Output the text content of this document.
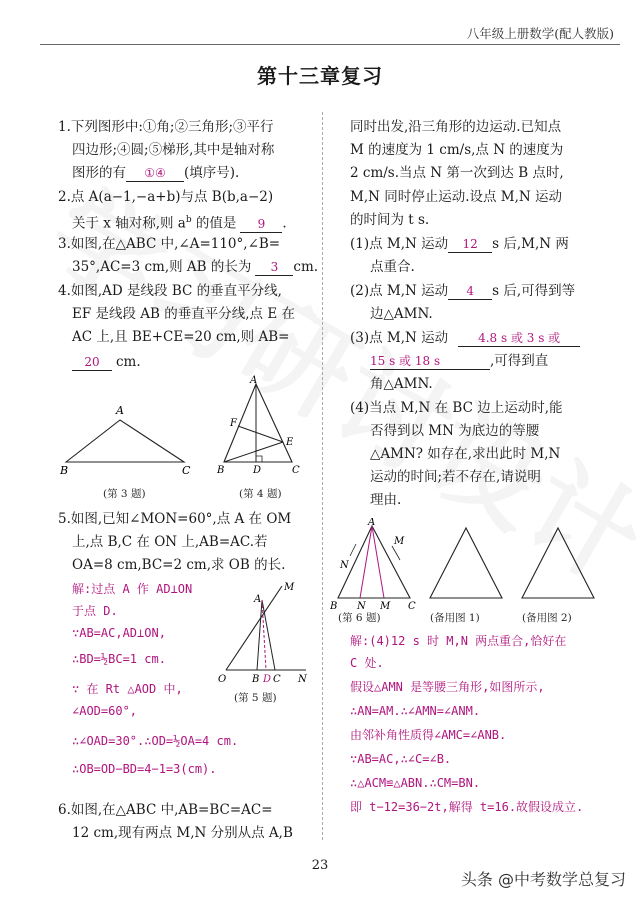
八年级上册数学(配人教版)
第十三章复习
1.下列图形中:①角;②三角形;③平行
四边形;④圆;⑤梯形,其中是轴对称
图形的有 ①④ (填序号).
2.点 A(a−1,−a+b)与点 B(b,a−2)
关于 x 轴对称,则 $a^b$ 的值是 9 .
3.如图,在△ABC 中,∠A=110°,∠B=
35°,AC=3 cm,则 AB 的长为 3 cm.
4.如图,AD 是线段 BC 的垂直平分线,
EF 是线段 AB 的垂直平分线,点 E 在
AC 上,且 BE+CE=20 cm,则 AB=
20 cm.
A
B	C
(第 3 题)
A
F
E
B	D	C
(第 4 题)
5.如图,已知∠MON=60°,点 A 在 OM
上,点 B,C 在 ON 上,AB=AC.若
OA=8 cm,BC=2 cm,求 OB 的长.
解:过点 A 作 AD⊥ON
于点 D.
∵AB=AC,AD⊥ON,
∴BD=½BC=1 cm.
∵ 在 Rt △AOD 中,
∠AOD=60°,
∴∠OAD=30°.∴OD=½OA=4 cm.
∴OB=OD−BD=4−1=3(cm).
M
A
O	B D C N
(第 5 题)
6.如图,在△ABC 中,AB=BC=AC=
12 cm,现有两点 M,N 分别从点 A,B
同时出发,沿三角形的边运动.已知点
M 的速度为 1 cm/s,点 N 的速度为
2 cm/s.当点 N 第一次到达 B 点时,
M,N 同时停止运动.设点 M,N 运动
的时间为 t s.
(1)点 M,N 运动 12 s 后,M,N 两
点重合.
(2)点 M,N 运动 4 s 后,可得到等
边△AMN.
(3)点 M,N 运动 4.8 s 或 3 s 或
15 s 或 18 s	,可得到直
角△AMN.
(4)当点 M,N 在 BC 边上运动时,能
否得到以 MN 为底边的等腰
△AMN? 如存在,求出此时 M,N
运动的时间;若不存在,请说明
理由.
A
N
M
B N M C
(第 6 题)	(备用图 1)	(备用图 2)
解:(4)12 s 时 M,N 两点重合,恰好在
C 处.
假设△AMN 是等腰三角形,如图所示,
∴AN=AM.∴∠AMN=∠ANM.
由邻补角性质得∠AMC=∠ANB.
∵AB=AC,∴∠C=∠B.
∴△ACM≌△ABN.∴CM=BN.
即 t−12=36−2t,解得 t=16.故假设成立.
23
头条 @中考数学总复习
